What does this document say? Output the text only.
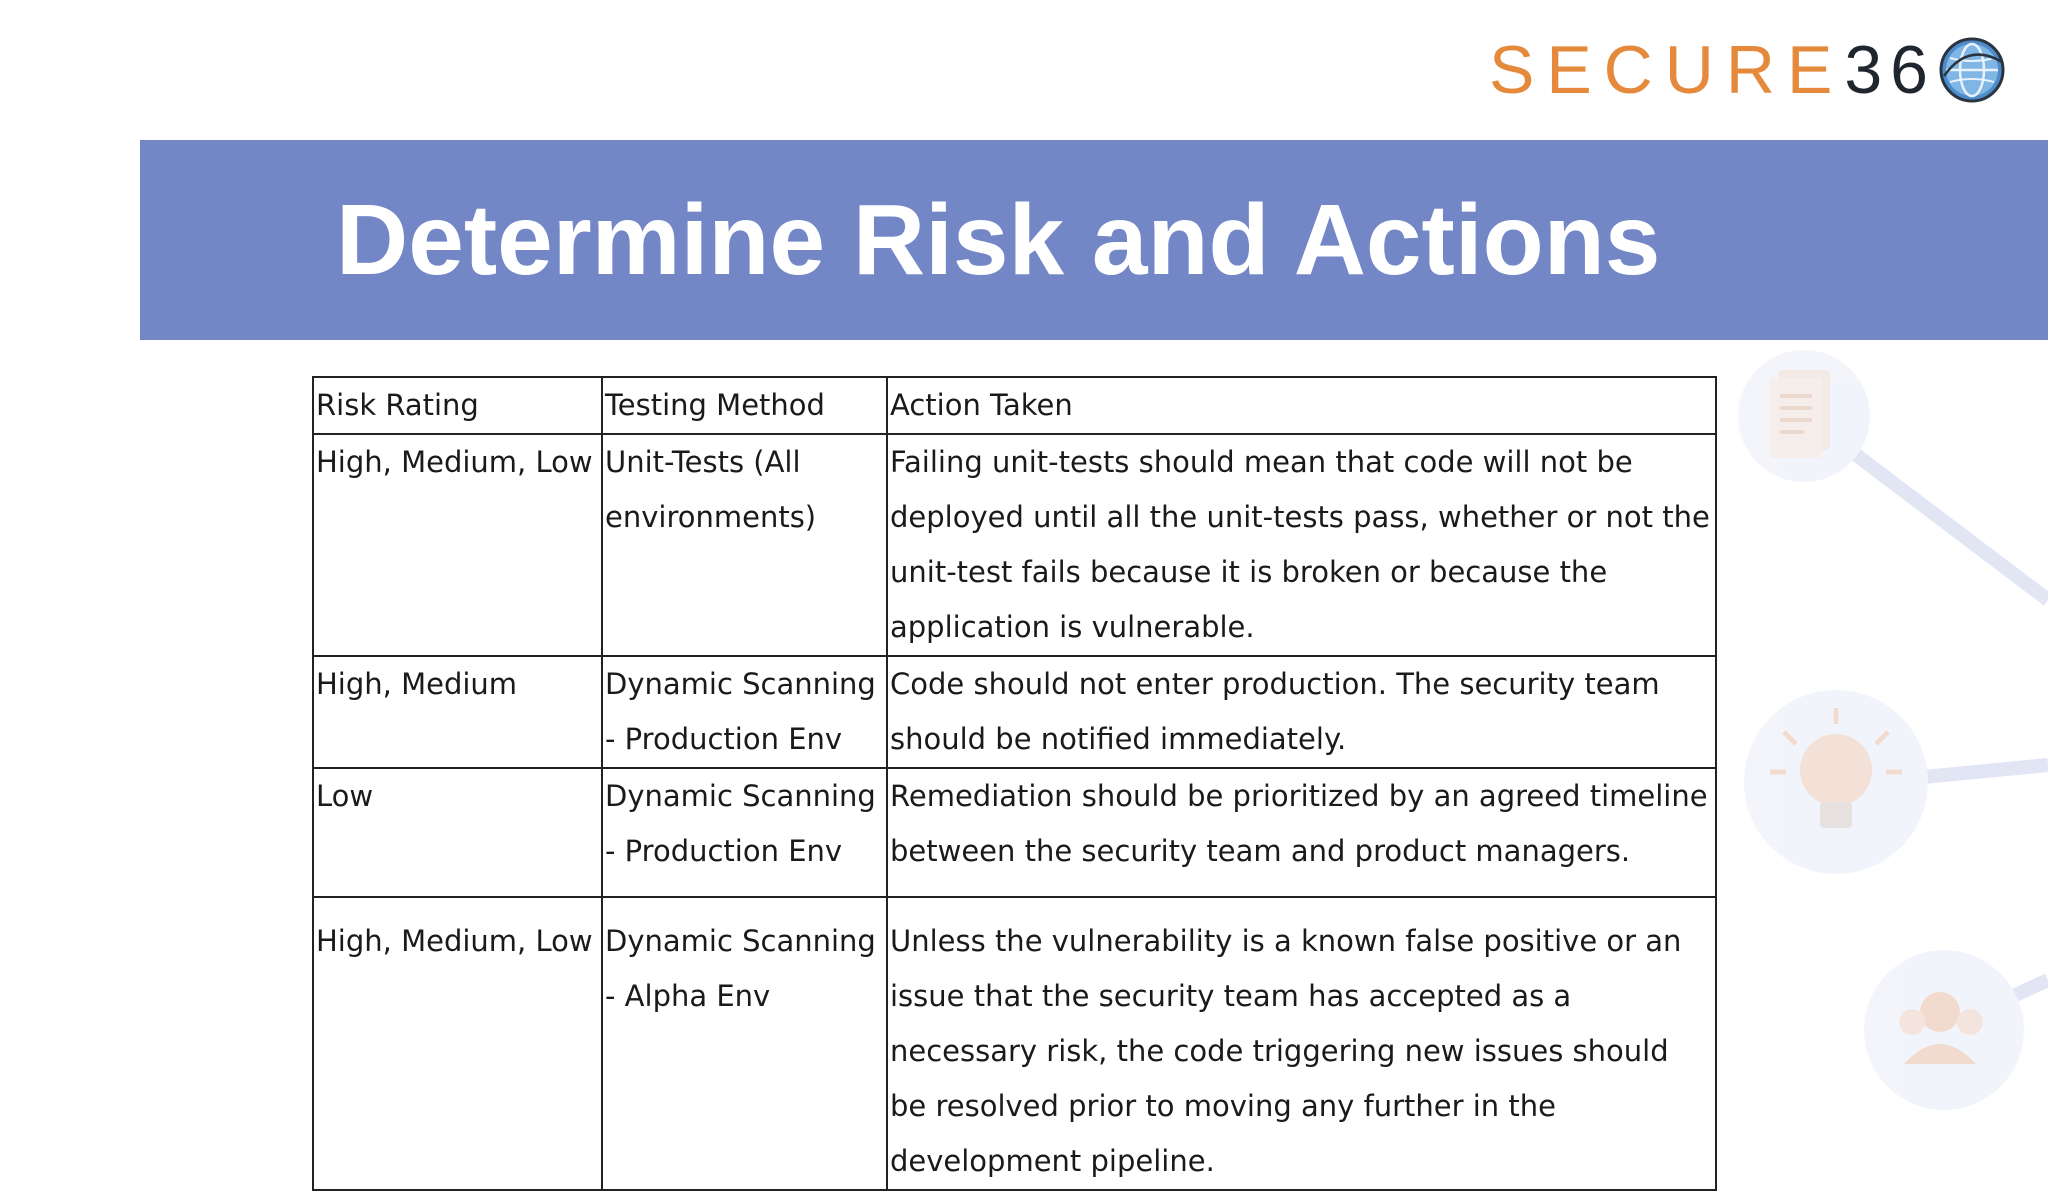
SECURE 36
Determine Risk and Actions
Risk Rating	Testing Method	Action Taken

High, Medium, Low	Unit-Tests (All environments)	Failing unit-tests should mean that code will not be deployed until all the unit-tests pass, whether or not the unit-test fails because it is broken or because the application is vulnerable.

High, Medium	Dynamic Scanning - Production Env	Code should not enter production. The security team should be notified immediately.

Low	Dynamic Scanning - Production Env	Remediation should be prioritized by an agreed timeline between the security team and product managers.

High, Medium, Low	Dynamic Scanning - Alpha Env	Unless the vulnerability is a known false positive or an issue that the security team has accepted as a necessary risk, the code triggering new issues should be resolved prior to moving any further in the development pipeline.
